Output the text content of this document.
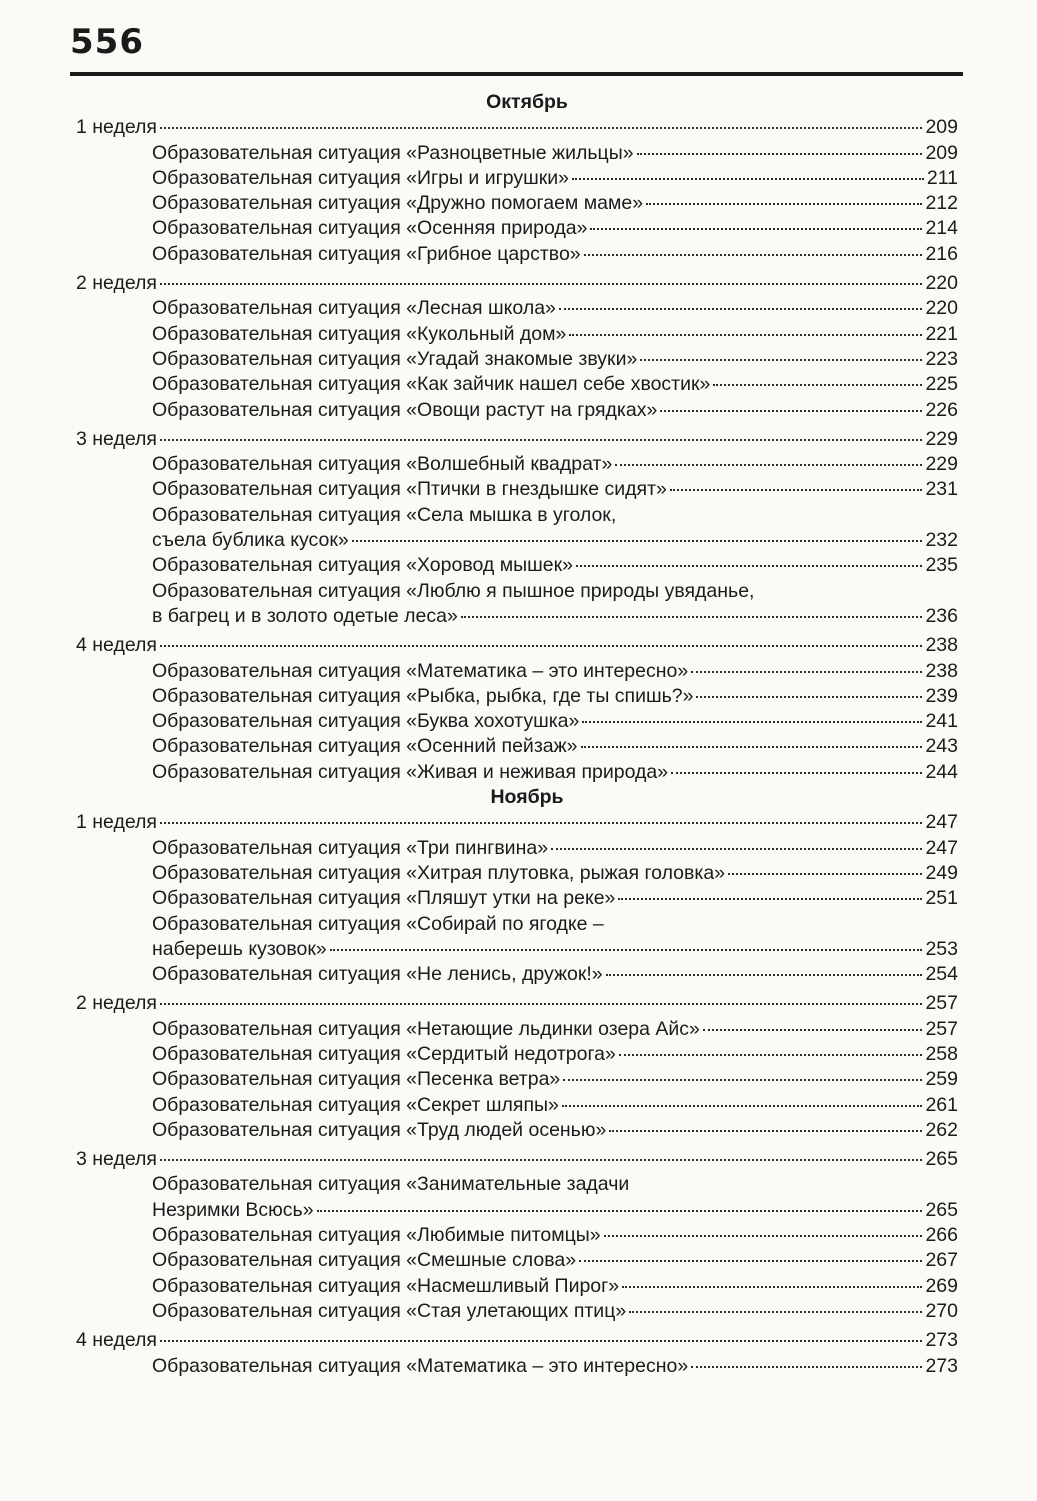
556
Октябрь
1 неделя	209
Образовательная ситуация «Разноцветные жильцы»	209
Образовательная ситуация «Игры и игрушки»	211
Образовательная ситуация «Дружно помогаем маме»	212
Образовательная ситуация «Осенняя природа»	214
Образовательная ситуация «Грибное царство»	216
2 неделя	220
Образовательная ситуация «Лесная школа»	220
Образовательная ситуация «Кукольный дом»	221
Образовательная ситуация «Угадай знакомые звуки»	223
Образовательная ситуация «Как зайчик нашел себе хвостик»	225
Образовательная ситуация «Овощи растут на грядках»	226
3 неделя	229
Образовательная ситуация «Волшебный квадрат»	229
Образовательная ситуация «Птички в гнездышке сидят»	231
Образовательная ситуация «Села мышка в уголок,
съела бублика кусок»	232
Образовательная ситуация «Хоровод мышек»	235
Образовательная ситуация «Люблю я пышное природы увяданье,
в багрец и в золото одетые леса»	236
4 неделя	238
Образовательная ситуация «Математика – это интересно»	238
Образовательная ситуация «Рыбка, рыбка, где ты спишь?»	239
Образовательная ситуация «Буква хохотушка»	241
Образовательная ситуация «Осенний пейзаж»	243
Образовательная ситуация «Живая и неживая природа»	244
Ноябрь
1 неделя	247
Образовательная ситуация «Три пингвина»	247
Образовательная ситуация «Хитрая плутовка, рыжая головка»	249
Образовательная ситуация «Пляшут утки на реке»	251
Образовательная ситуация «Собирай по ягодке –
наберешь кузовок»	253
Образовательная ситуация «Не ленись, дружок!»	254
2 неделя	257
Образовательная ситуация «Нетающие льдинки озера Айс»	257
Образовательная ситуация «Сердитый недотрога»	258
Образовательная ситуация «Песенка ветра»	259
Образовательная ситуация «Секрет шляпы»	261
Образовательная ситуация «Труд людей осенью»	262
3 неделя	265
Образовательная ситуация «Занимательные задачи
Незримки Всюсь»	265
Образовательная ситуация «Любимые питомцы»	266
Образовательная ситуация «Смешные слова»	267
Образовательная ситуация «Насмешливый Пирог»	269
Образовательная ситуация «Стая улетающих птиц»	270
4 неделя	273
Образовательная ситуация «Математика – это интересно»	273
